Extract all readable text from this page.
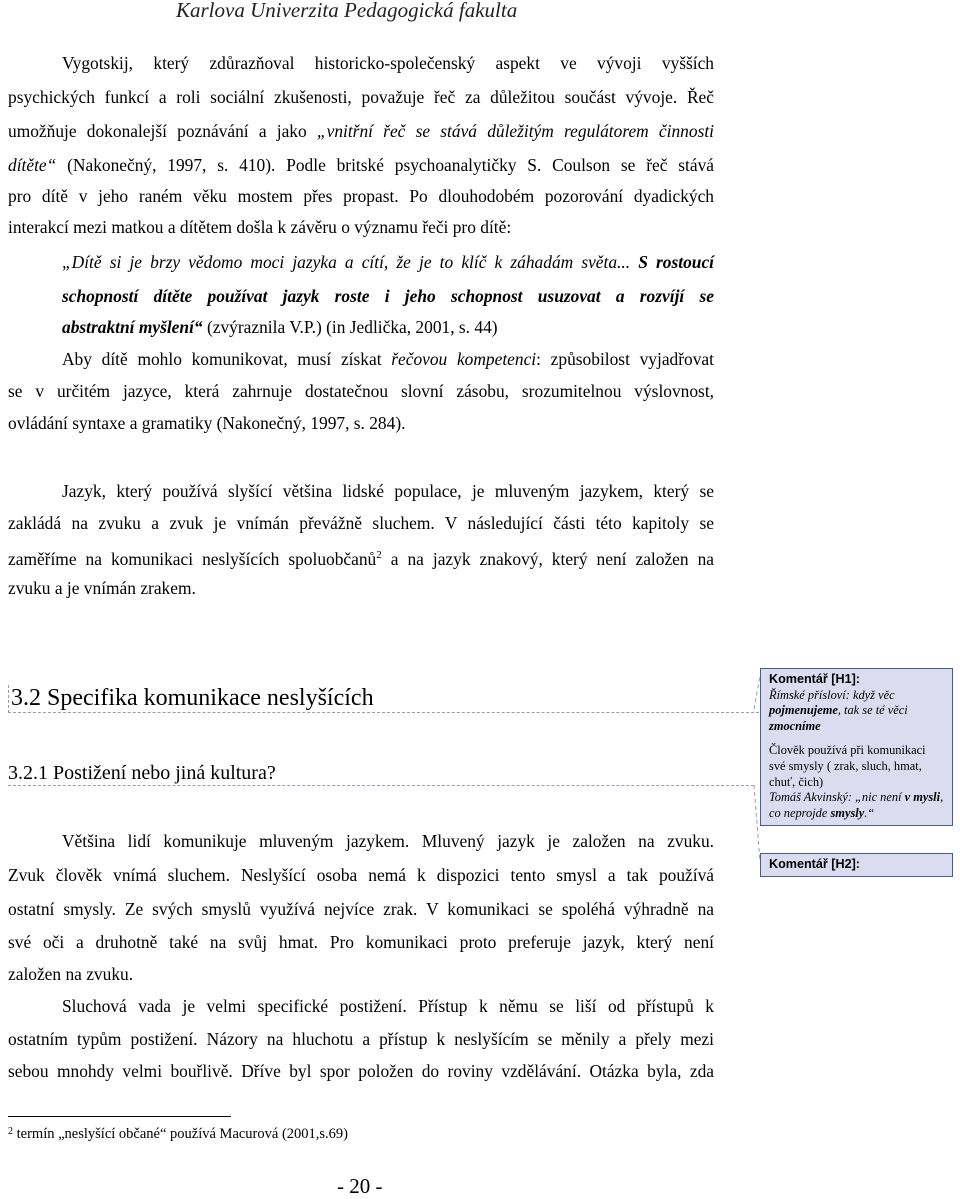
Karlova Univerzita Pedagogická fakulta
Vygotskij, který zdůrazňoval historicko-společenský aspekt ve vývoji vyšších
psychických funkcí a roli sociální zkušenosti, považuje řeč za důležitou součást vývoje. Řeč
umožňuje dokonalejší poznávání a jako „vnitřní řeč se stává důležitým regulátorem činnosti
dítěte“ (Nakonečný, 1997, s. 410). Podle britské psychoanalytičky S. Coulson se řeč stává
pro dítě v jeho raném věku mostem přes propast. Po dlouhodobém pozorování dyadických
interakcí mezi matkou a dítětem došla k závěru o významu řeči pro dítě:
„Dítě si je brzy vědomo moci jazyka a cítí, že je to klíč k záhadám světa... S rostoucí
schopností dítěte používat jazyk roste i jeho schopnost usuzovat a rozvíjí se
abstraktní myšlení“ (zvýraznila V.P.) (in Jedlička, 2001, s. 44)
Aby dítě mohlo komunikovat, musí získat řečovou kompetenci: způsobilost vyjadřovat
se v určitém jazyce, která zahrnuje dostatečnou slovní zásobu, srozumitelnou výslovnost,
ovládání syntaxe a gramatiky (Nakonečný, 1997, s. 284).
Jazyk, který používá slyšící většina lidské populace, je mluveným jazykem, který se
zakládá na zvuku a zvuk je vnímán převážně sluchem. V následující části této kapitoly se
zaměříme na komunikaci neslyšících spoluobčanů$^2$ a na jazyk znakový, který není založen na
zvuku a je vnímán zrakem.
3.2 Specifika komunikace neslyšících
3.2.1 Postižení nebo jiná kultura?
Většina lidí komunikuje mluveným jazykem. Mluvený jazyk je založen na zvuku.
Zvuk člověk vnímá sluchem. Neslyšící osoba nemá k dispozici tento smysl a tak používá
ostatní smysly. Ze svých smyslů využívá nejvíce zrak. V komunikaci se spoléhá výhradně na
své oči a druhotně také na svůj hmat. Pro komunikaci proto preferuje jazyk, který není
založen na zvuku.
Sluchová vada je velmi specifické postižení. Přístup k němu se liší od přístupů k
ostatním typům postižení. Názory na hluchotu a přístup k neslyšícím se měnily a přely mezi
sebou mnohdy velmi bouřlivě. Dříve byl spor položen do roviny vzdělávání. Otázka byla, zda
$^2$ termín „neslyšící občané“ používá Macurová (2001,s.69)
- 20 -
Komentář [H1]:
Římské přísloví: když věc
pojmenujeme, tak se té věci
zmocníme
Člověk používá při komunikaci
své smysly ( zrak, sluch, hmat,
chuť, čich)
Tomáš Akvinský: „nic není v mysli,
co neprojde smysly.“
Komentář [H2]:
